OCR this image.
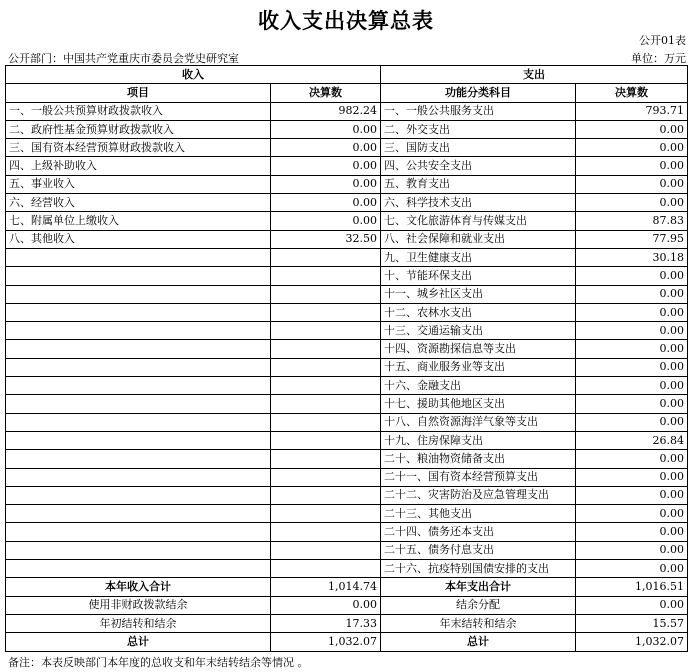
收入支出决算总表
公开01表
公开部门：中国共产党重庆市委员会党史研究室	单位：万元
收入		支出	
项目	决算数	功能分类科目	决算数
一、一般公共预算财政拨款收入	982.24	一、一般公共服务支出	793.71
二、政府性基金预算财政拨款收入	0.00	二、外交支出	0.00
三、国有资本经营预算财政拨款收入	0.00	三、国防支出	0.00
四、上级补助收入	0.00	四、公共安全支出	0.00
五、事业收入	0.00	五、教育支出	0.00
六、经营收入	0.00	六、科学技术支出	0.00
七、附属单位上缴收入	0.00	七、文化旅游体育与传媒支出	87.83
八、其他收入	32.50	八、社会保障和就业支出	77.95
		九、卫生健康支出	30.18
		十、节能环保支出	0.00
		十一、城乡社区支出	0.00
		十二、农林水支出	0.00
		十三、交通运输支出	0.00
		十四、资源勘探信息等支出	0.00
		十五、商业服务业等支出	0.00
		十六、金融支出	0.00
		十七、援助其他地区支出	0.00
		十八、自然资源海洋气象等支出	0.00
		十九、住房保障支出	26.84
		二十、粮油物资储备支出	0.00
		二十一、国有资本经营预算支出	0.00
		二十二、灾害防治及应急管理支出	0.00
		二十三、其他支出	0.00
		二十四、债务还本支出	0.00
		二十五、债务付息支出	0.00
		二十六、抗疫特别国债安排的支出	0.00
本年收入合计	1,014.74	本年支出合计	1,016.51
使用非财政拨款结余	0.00	结余分配	0.00
年初结转和结余	17.33	年末结转和结余	15.57
总计	1,032.07	总计	1,032.07
备注：本表反映部门本年度的总收支和年末结转结余等情况 。
